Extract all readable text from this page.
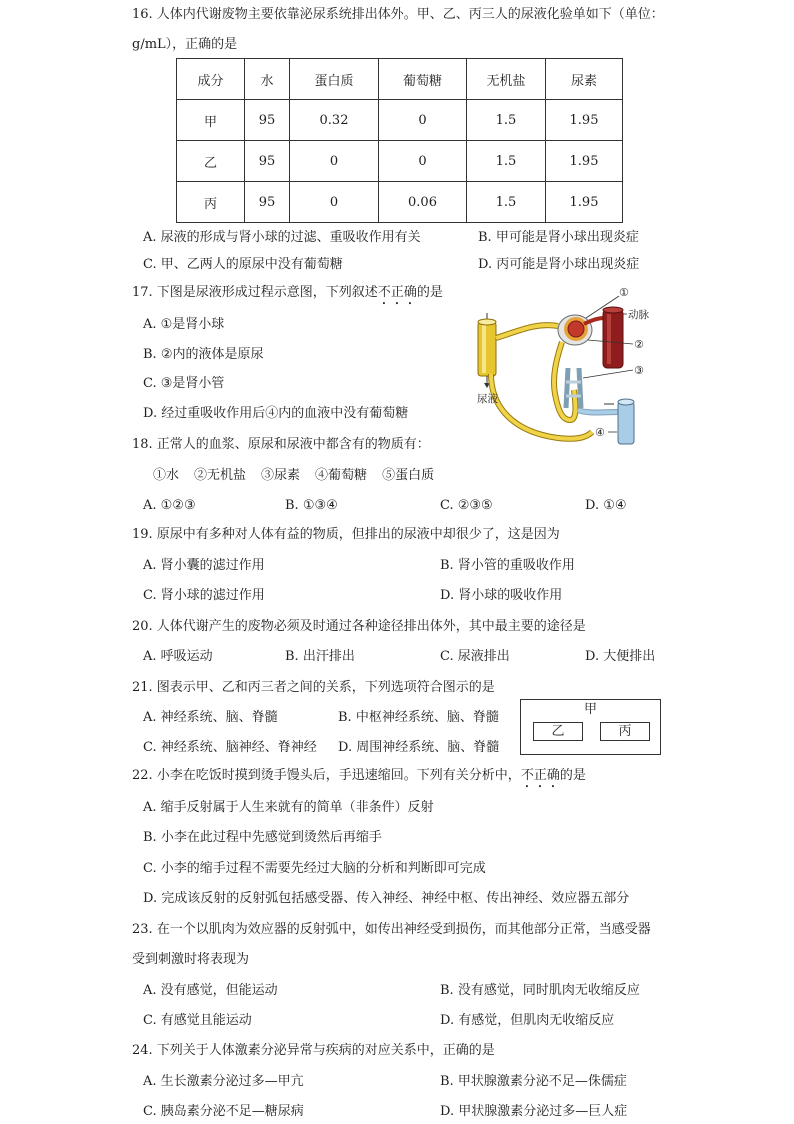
16. 人体内代谢废物主要依靠泌尿系统排出体外。甲、乙、丙三人的尿液化验单如下（单位：
g/mL），正确的是
成分	水	蛋白质	葡萄糖	无机盐	尿素
甲	95	0.32	0	1.5	1.95
乙	95	0	0	1.5	1.95
丙	95	0	0.06	1.5	1.95
A. 尿液的形成与肾小球的过滤、重吸收作用有关	B. 甲可能是肾小球出现炎症
C. 甲、乙两人的原尿中没有葡萄糖	D. 丙可能是肾小球出现炎症
17. 下图是尿液形成过程示意图，下列叙述不正确的是
A. ①是肾小球
B. ②内的液体是原尿
C. ③是肾小管
D. 经过重吸收作用后④内的血液中没有葡萄糖
①
动脉
②
③
④
尿液
18. 正常人的血浆、原尿和尿液中都含有的物质有：
①水 ②无机盐 ③尿素 ④葡萄糖 ⑤蛋白质
A. ①②③	B. ①③④	C. ②③⑤	D. ①④
19. 原尿中有多种对人体有益的物质，但排出的尿液中却很少了，这是因为
A. 肾小囊的滤过作用	B. 肾小管的重吸收作用
C. 肾小球的滤过作用	D. 肾小球的吸收作用
20. 人体代谢产生的废物必须及时通过各种途径排出体外，其中最主要的途径是
A. 呼吸运动	B. 出汗排出	C. 尿液排出	D. 大便排出
21. 图表示甲、乙和丙三者之间的关系，下列选项符合图示的是
A. 神经系统、脑、脊髓	B. 中枢神经系统、脑、脊髓
C. 神经系统、脑神经、脊神经 D. 周围神经系统、脑、脊髓
甲
乙	丙
22. 小李在吃饭时摸到烫手馒头后，手迅速缩回。下列有关分析中，不正确的是
A. 缩手反射属于人生来就有的简单（非条件）反射
B. 小李在此过程中先感觉到烫然后再缩手
C. 小李的缩手过程不需要先经过大脑的分析和判断即可完成
D. 完成该反射的反射弧包括感受器、传入神经、神经中枢、传出神经、效应器五部分
23. 在一个以肌肉为效应器的反射弧中，如传出神经受到损伤，而其他部分正常，当感受器
受到刺激时将表现为
A. 没有感觉，但能运动	B. 没有感觉，同时肌肉无收缩反应
C. 有感觉且能运动	D. 有感觉，但肌肉无收缩反应
24. 下列关于人体激素分泌异常与疾病的对应关系中，正确的是
A. 生长激素分泌过多—甲亢	B. 甲状腺激素分泌不足—侏儒症
C. 胰岛素分泌不足—糖尿病	D. 甲状腺激素分泌过多—巨人症
